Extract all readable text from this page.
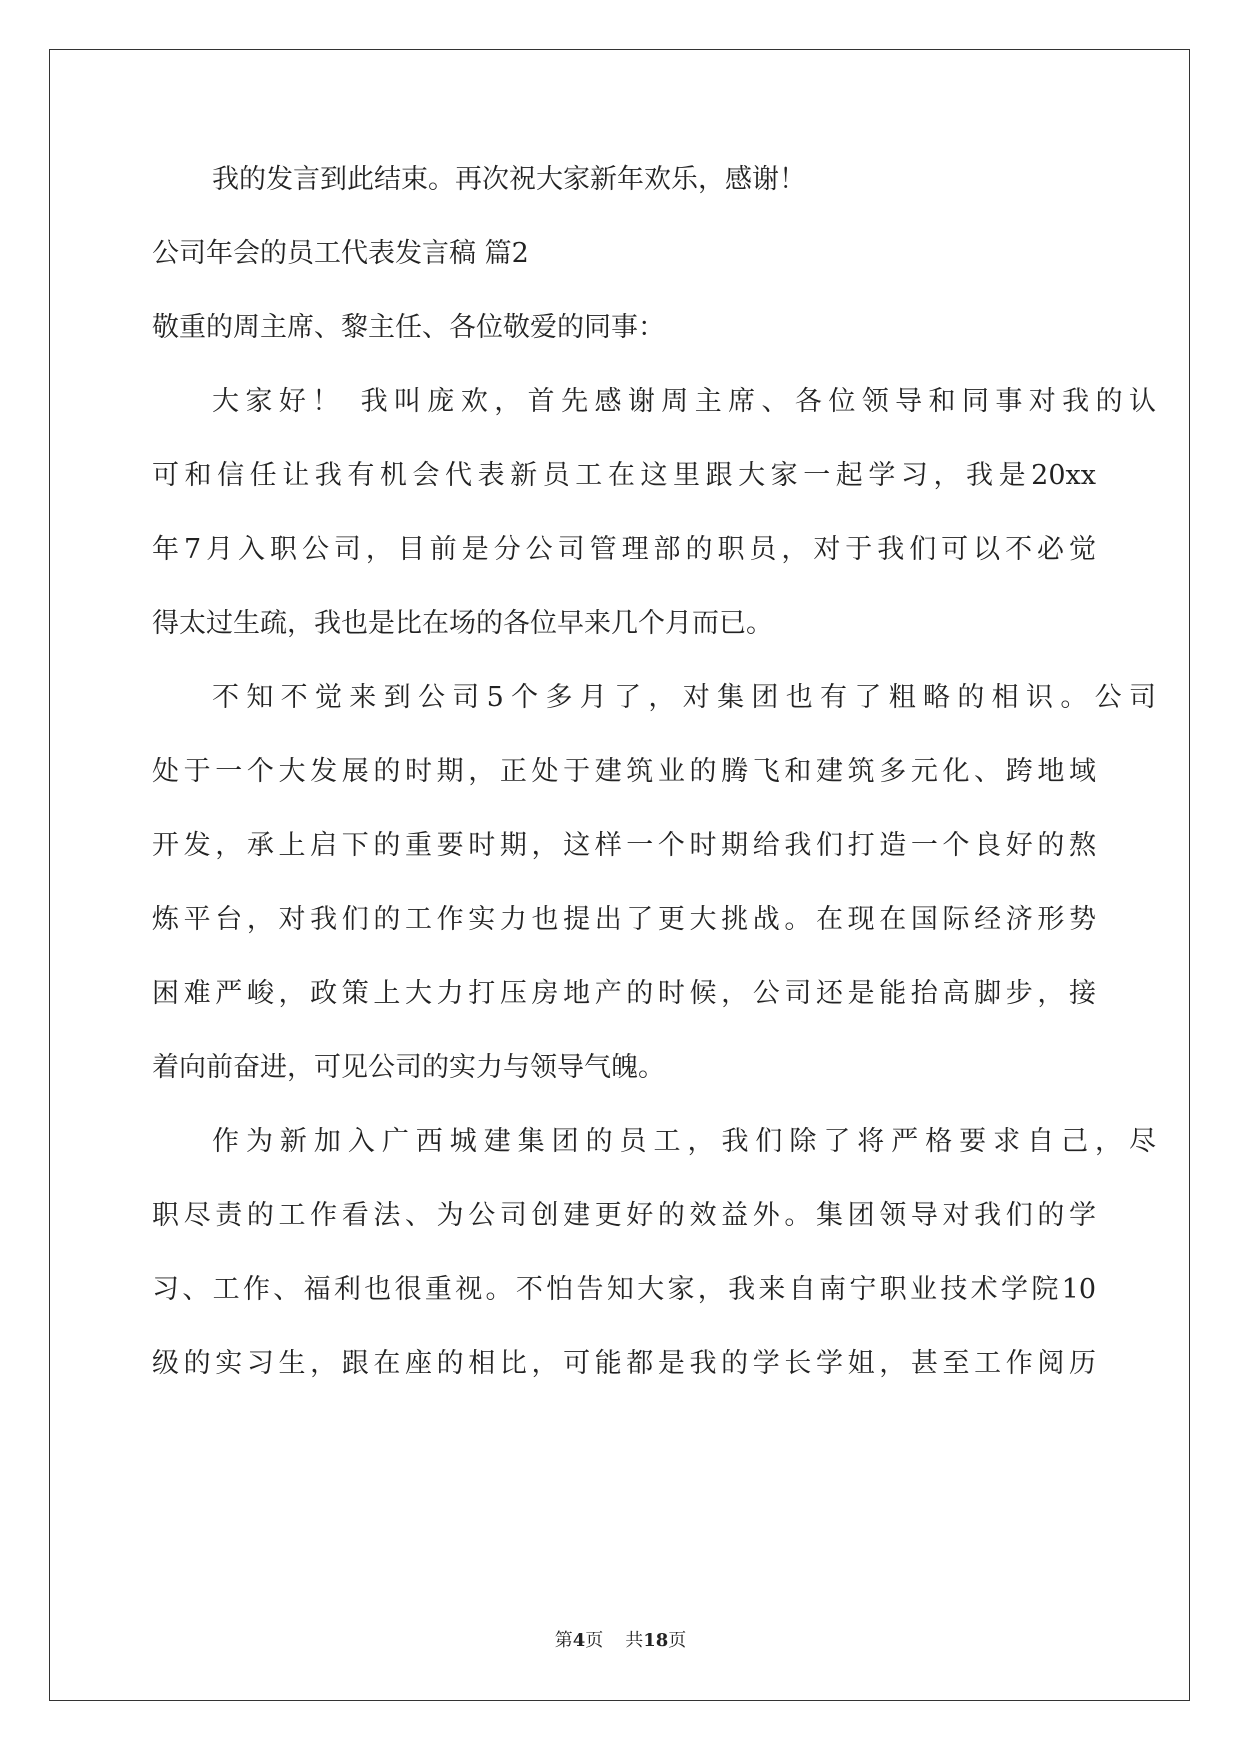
我的发言到此结束。再次祝大家新年欢乐，感谢！
公司年会的员工代表发言稿 篇2
敬重的周主席、黎主任、各位敬爱的同事：
大家好！ 我叫庞欢，首先感谢周主席、各位领导和同事对我的认
可和信任让我有机会代表新员工在这里跟大家一起学习，我是20xx
年7月入职公司，目前是分公司管理部的职员，对于我们可以不必觉
得太过生疏，我也是比在场的各位早来几个月而已。
不知不觉来到公司5个多月了，对集团也有了粗略的相识。公司
处于一个大发展的时期，正处于建筑业的腾飞和建筑多元化、跨地域
开发，承上启下的重要时期，这样一个时期给我们打造一个良好的熬
炼平台，对我们的工作实力也提出了更大挑战。在现在国际经济形势
困难严峻，政策上大力打压房地产的时候，公司还是能抬高脚步，接
着向前奋进，可见公司的实力与领导气魄。
作为新加入广西城建集团的员工，我们除了将严格要求自己，尽
职尽责的工作看法、为公司创建更好的效益外。集团领导对我们的学
习、工作、福利也很重视。不怕告知大家，我来自南宁职业技术学院10
级的实习生，跟在座的相比，可能都是我的学长学姐，甚至工作阅历
第4页 共18页
